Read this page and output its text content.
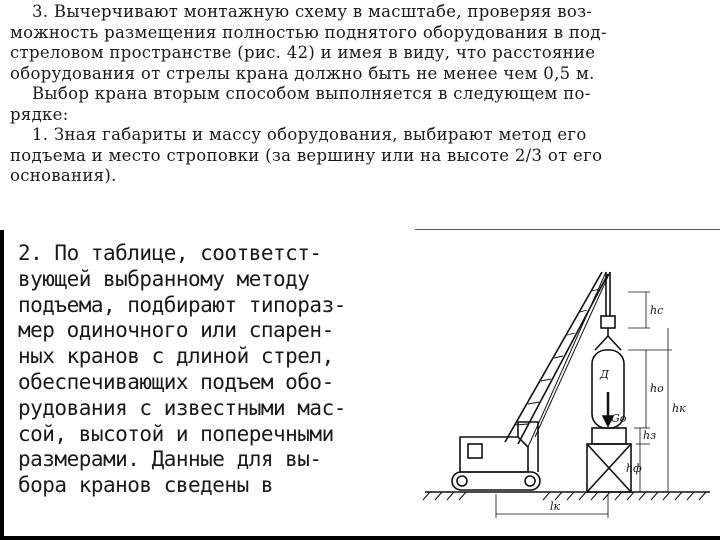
3. Вычерчивают монтажную схему в масштабе, проверяя воз-

можность размещения полностью поднятого оборудования в под-

стреловом пространстве (рис. 42) и имея в виду, что расстояние

оборудования от стрелы крана должно быть не менее чем 0,5 м.

Выбор крана вторым способом выполняется в следующем по-

рядке:

1. Зная габариты и массу оборудования, выбирают метод его

подъема и место строповки (за вершину или на высоте 2/3 от его

основания).

2. По таблице, соответст-

вующей выбранному методу

подъема, подбирают типораз-

мер одиночного или спарен-

ных кранов с длиной стрел,

обеспечивающих подъем обо-

рудования с известными мас-

сой, высотой и поперечными

размерами. Данные для вы-

бора кранов сведены в

hс
hо
hк
hз
hф
lк
Д
Gо
